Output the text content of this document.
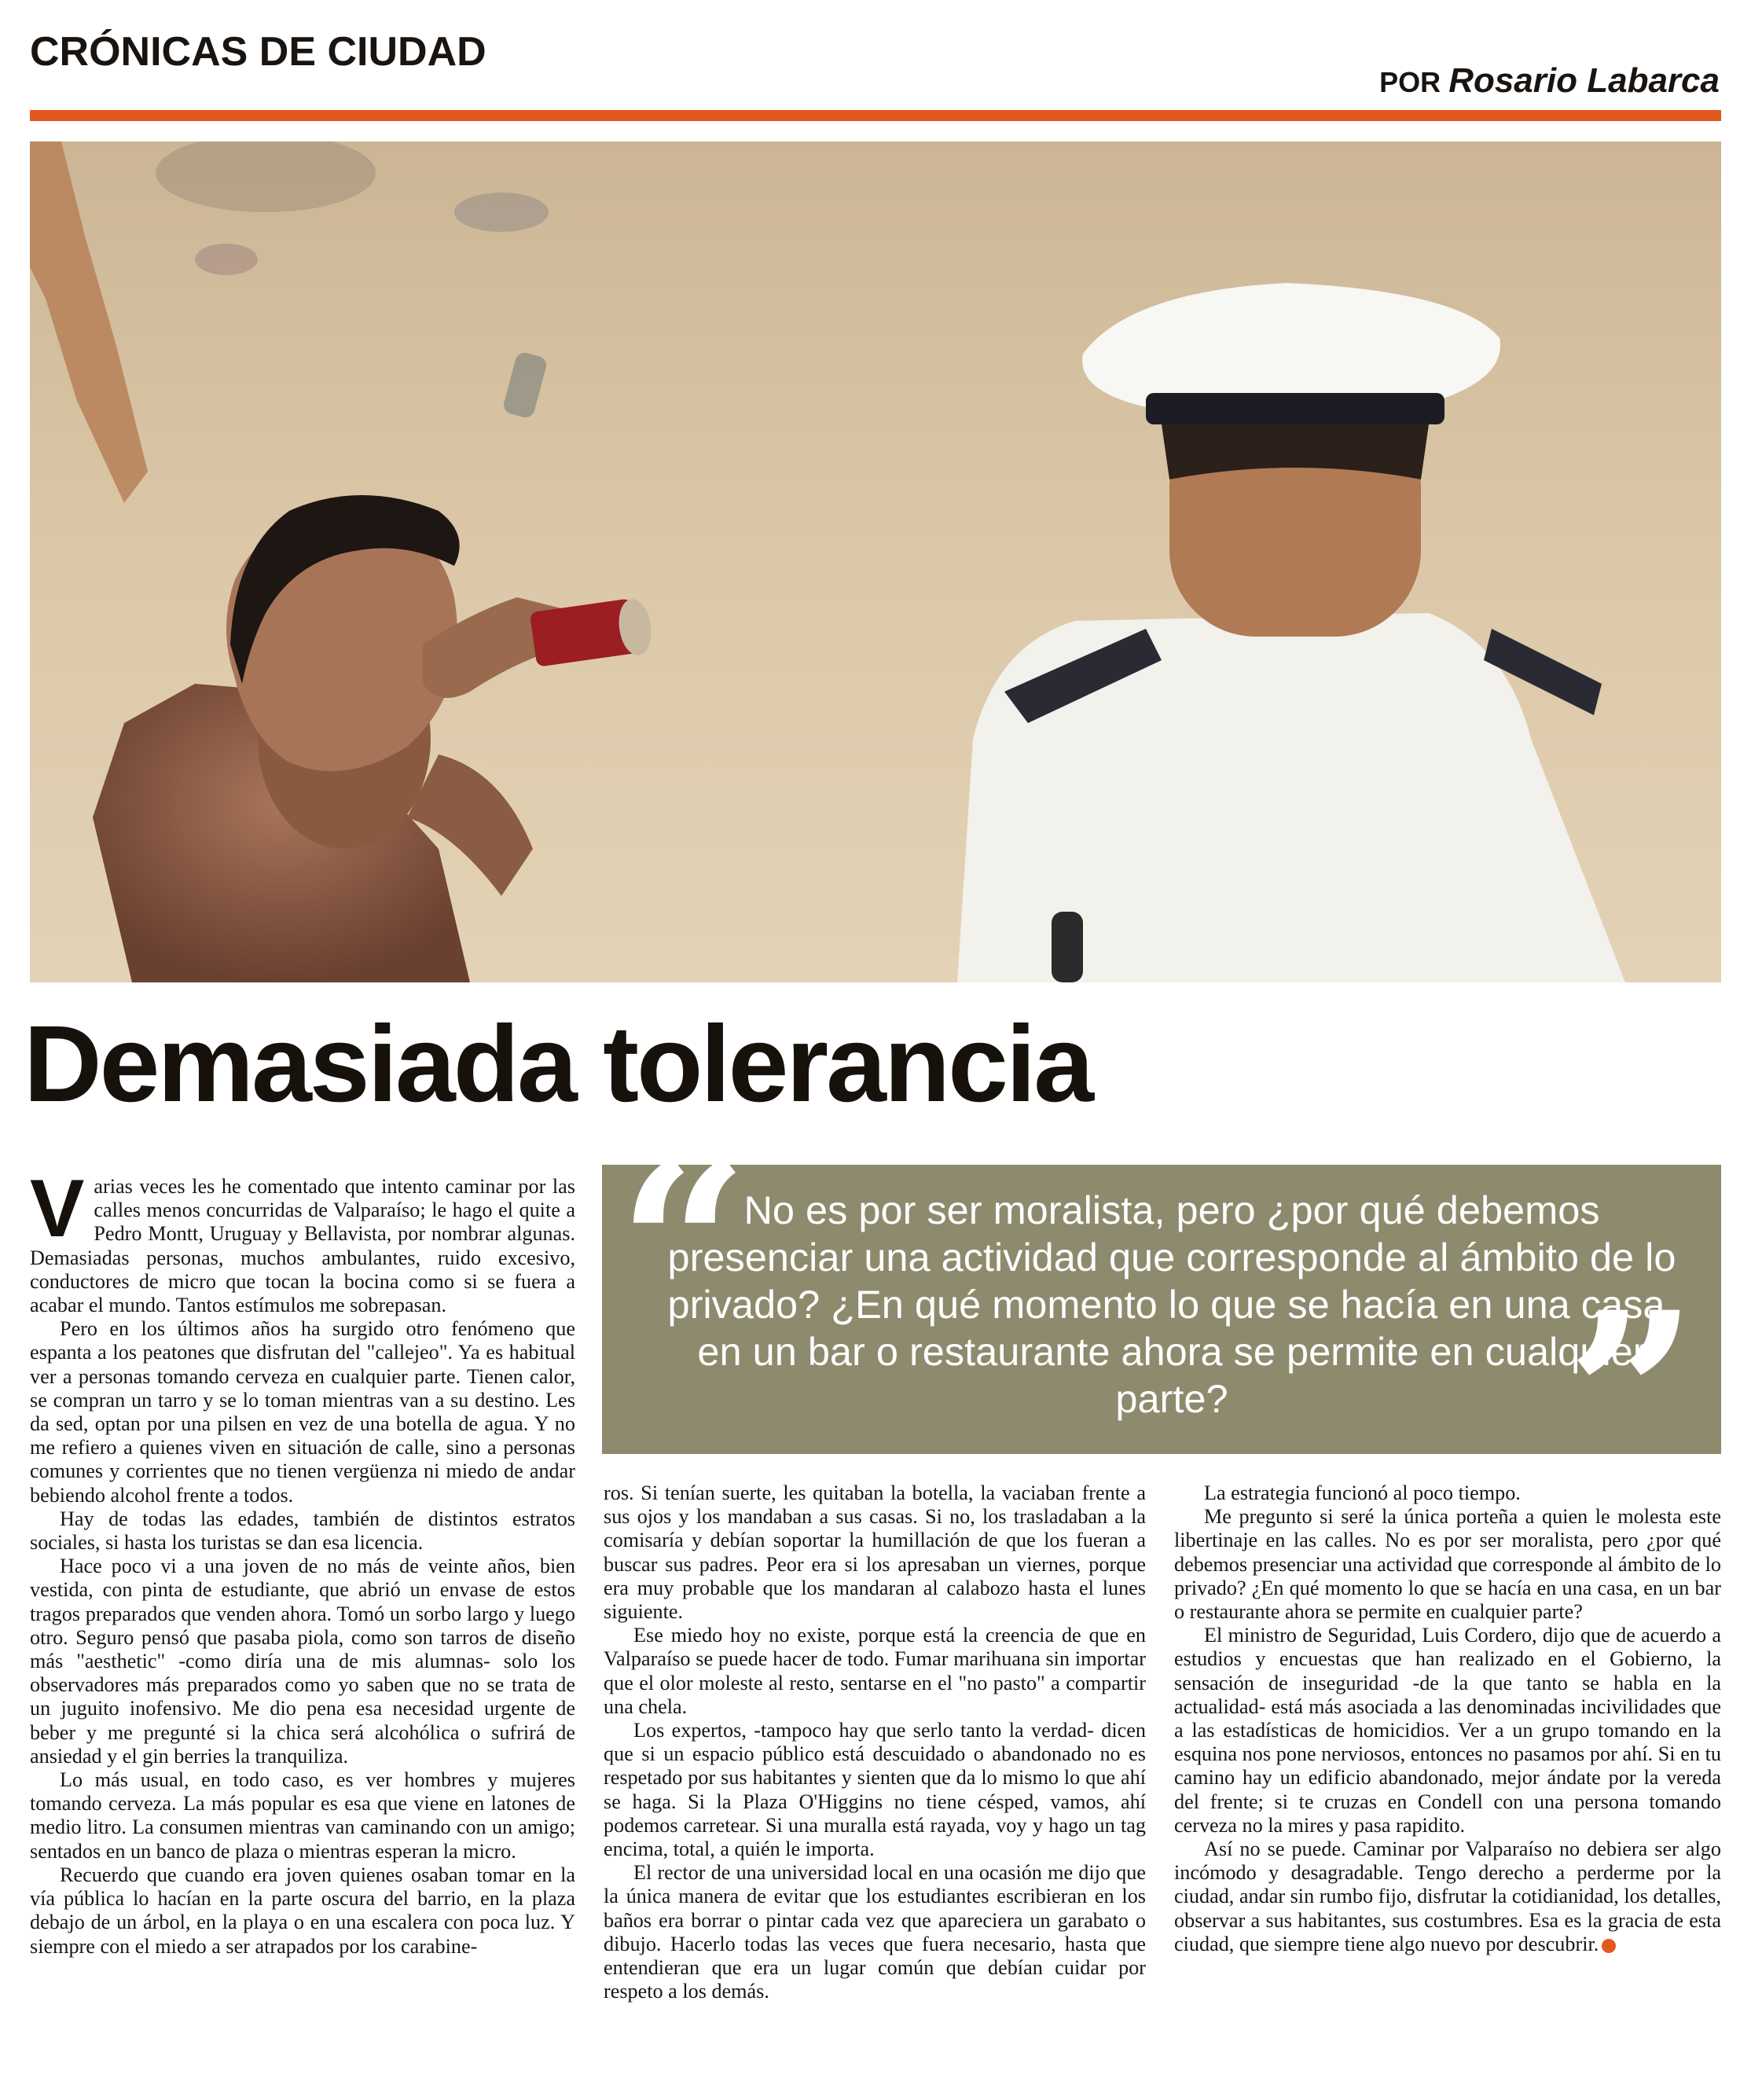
CRÓNICAS DE CIUDAD
POR Rosario Labarca
Demasiada tolerancia

Varias veces les he comentado que intento caminar por las calles menos concurridas de Valparaíso; le hago el quite a Pedro Montt, Uruguay y Bellavista, por nombrar algunas. Demasiadas personas, muchos ambulantes, ruido excesivo, conductores de micro que tocan la bocina como si se fuera a acabar el mundo. Tantos estímulos me sobrepasan.

Pero en los últimos años ha surgido otro fenómeno que espanta a los peatones que disfrutan del "callejeo". Ya es habitual ver a personas tomando cerveza en cualquier parte. Tienen calor, se compran un tarro y se lo toman mientras van a su destino. Les da sed, optan por una pilsen en vez de una botella de agua. Y no me refiero a quienes viven en situación de calle, sino a personas comunes y corrientes que no tienen vergüenza ni miedo de andar bebiendo alcohol frente a todos.

Hay de todas las edades, también de distintos estratos sociales, si hasta los turistas se dan esa licencia.

Hace poco vi a una joven de no más de veinte años, bien vestida, con pinta de estudiante, que abrió un envase de estos tragos preparados que venden ahora. Tomó un sorbo largo y luego otro. Seguro pensó que pasaba piola, como son tarros de diseño más "aesthetic" -como diría una de mis alumnas- solo los observadores más preparados como yo saben que no se trata de un juguito inofensivo. Me dio pena esa necesidad urgente de beber y me pregunté si la chica será alcohólica o sufrirá de ansiedad y el gin berries la tranquiliza.

Lo más usual, en todo caso, es ver hombres y mujeres tomando cerveza. La más popular es esa que viene en latones de medio litro. La consumen mientras van caminando con un amigo; sentados en un banco de plaza o mientras esperan la micro.

Recuerdo que cuando era joven quienes osaban tomar en la vía pública lo hacían en la parte oscura del barrio, en la plaza debajo de un árbol, en la playa o en una escalera con poca luz. Y siempre con el miedo a ser atrapados por los carabine-

“
No es por ser moralista, pero ¿por qué debemos presenciar una actividad que corresponde al ámbito de lo privado? ¿En qué momento lo que se hacía en una casa, en un bar o restaurante ahora se permite en cualquier parte?	”

ros. Si tenían suerte, les quitaban la botella, la vaciaban frente a sus ojos y los mandaban a sus casas. Si no, los trasladaban a la comisaría y debían soportar la humillación de que los fueran a buscar sus padres. Peor era si los apresaban un viernes, porque era muy probable que los mandaran al calabozo hasta el lunes siguiente.

Ese miedo hoy no existe, porque está la creencia de que en Valparaíso se puede hacer de todo. Fumar marihuana sin importar que el olor moleste al resto, sentarse en el "no pasto" a compartir una chela.

Los expertos, -tampoco hay que serlo tanto la verdad- dicen que si un espacio público está descuidado o abandonado no es respetado por sus habitantes y sienten que da lo mismo lo que ahí se haga. Si la Plaza O'Higgins no tiene césped, vamos, ahí podemos carretear. Si una muralla está rayada, voy y hago un tag encima, total, a quién le importa.

El rector de una universidad local en una ocasión me dijo que la única manera de evitar que los estudiantes escribieran en los baños era borrar o pintar cada vez que apareciera un garabato o dibujo. Hacerlo todas las veces que fuera necesario, hasta que entendieran que era un lugar común que debían cuidar por respeto a los demás.

La estrategia funcionó al poco tiempo.

Me pregunto si seré la única porteña a quien le molesta este libertinaje en las calles. No es por ser moralista, pero ¿por qué debemos presenciar una actividad que corresponde al ámbito de lo privado? ¿En qué momento lo que se hacía en una casa, en un bar o restaurante ahora se permite en cualquier parte?

El ministro de Seguridad, Luis Cordero, dijo que de acuerdo a estudios y encuestas que han realizado en el Gobierno, la sensación de inseguridad -de la que tanto se habla en la actualidad- está más asociada a las denominadas incivilidades que a las estadísticas de homicidios. Ver a un grupo tomando en la esquina nos pone nerviosos, entonces no pasamos por ahí. Si en tu camino hay un edificio abandonado, mejor ándate por la vereda del frente; si te cruzas en Condell con una persona tomando cerveza no la mires y pasa rapidito.

Así no se puede. Caminar por Valparaíso no debiera ser algo incómodo y desagradable. Tengo derecho a perderme por la ciudad, andar sin rumbo fijo, disfrutar la cotidianidad, los detalles, observar a sus habitantes, sus costumbres. Esa es la gracia de esta ciudad, que siempre tiene algo nuevo por descubrir.
